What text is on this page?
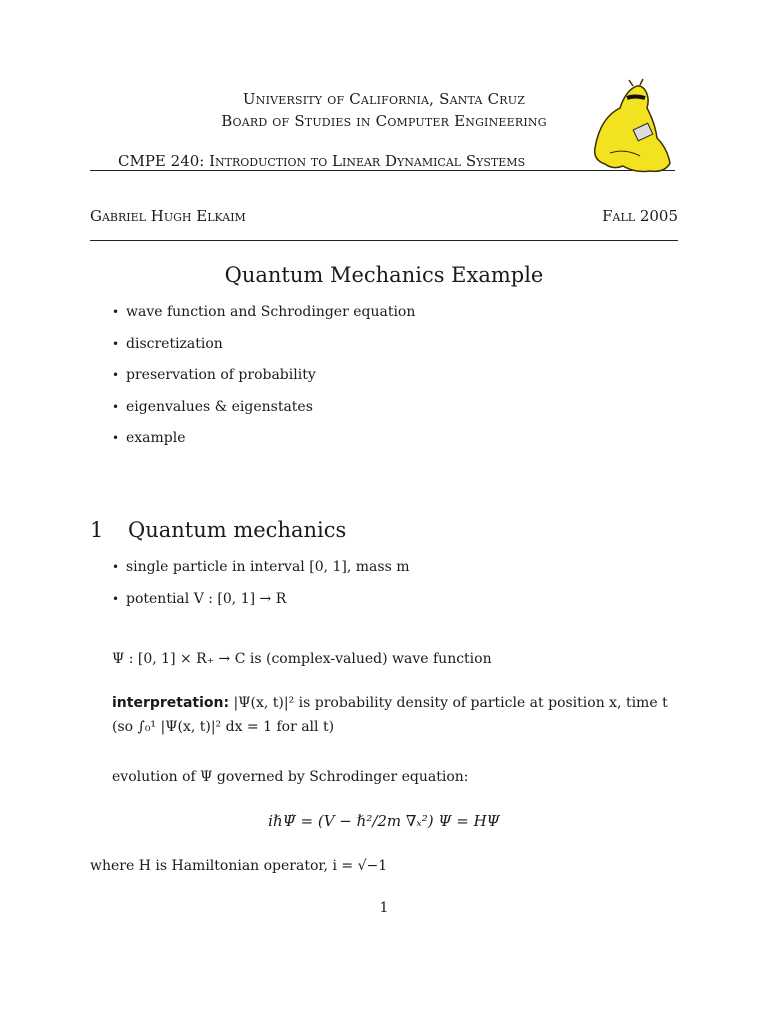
University of California, Santa Cruz
Board of Studies in Computer Engineering
CMPE 240: Introduction to Linear Dynamical Systems
Gabriel Hugh Elkaim	Fall 2005
Quantum Mechanics Example
• wave function and Schrodinger equation
• discretization
• preservation of probability
• eigenvalues & eigenstates
• example
1 Quantum mechanics
• single particle in interval [0, 1], mass m
• potential V : [0, 1] → R
Ψ : [0, 1] × R₊ → C is (complex-valued) wave function
interpretation: |Ψ(x, t)|² is probability density of particle at position x, time t
(so ∫₀¹ |Ψ(x, t)|² dx = 1 for all t)
evolution of Ψ governed by Schrodinger equation:
iℏΨ̇ = (V − ℏ²/2m ∇ₓ²) Ψ = HΨ
where H is Hamiltonian operator, i = √−1
1
